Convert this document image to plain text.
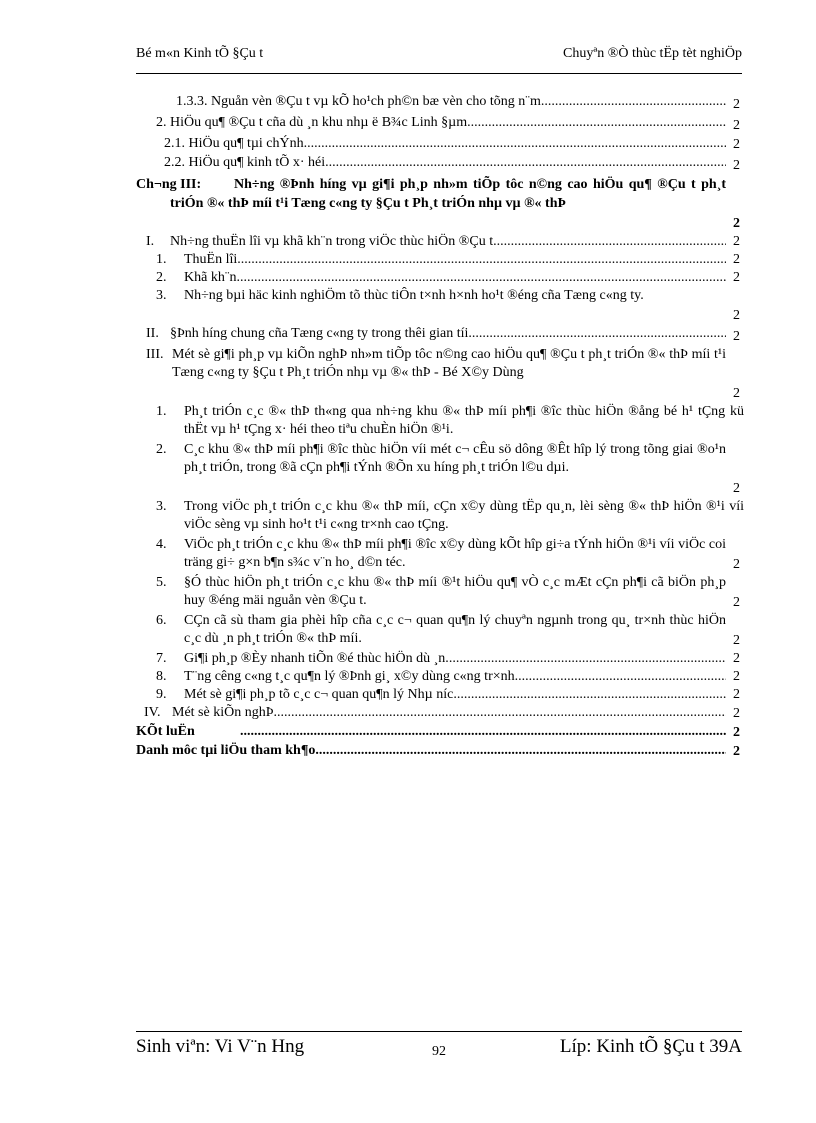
Bé m«n Kinh tÕ §Çu t	Chuyªn ®Ò thùc tËp tèt nghiÖp
1.3.3. Nguån vèn ®Çu t vµ kÕ ho¹ch ph©n bæ vèn cho tõng n¨m. .....	2
2. HiÖu qu¶ ®Çu t cña dù ¸n khu nhµ ë B¾c Linh §µm. .....	2
2.1. HiÖu qu¶ tµi chÝnh. .....	2
2.2. HiÖu qu¶ kinh tÕ x· héi. .....	2
Ch¬ng III:	Nh÷ng ®Þnh híng vµ gi¶i ph¸p nh»m tiÕp tôc n©ng cao hiÖu qu¶ ®Çu t ph¸t triÓn ®« thÞ míi t¹i Tæng c«ng ty §Çu t Ph¸t triÓn nhµ vµ ®« thÞ
2
I. Nh÷ng thuËn lîi vµ khã kh¨n trong viÖc thùc hiÖn ®Çu t .....	2
1. ThuËn lîi. .....	2
2. Khã kh¨n. .....	2
3. Nh÷ng bµi häc kinh nghiÖm tõ thùc tiÔn t×nh h×nh ho¹t ®éng cña Tæng c«ng ty.
2
II. §Þnh híng chung cña Tæng c«ng ty trong thêi gian tíi. .....	2
III. Mét sè gi¶i ph¸p vµ kiÕn nghÞ nh»m tiÕp tôc n©ng cao hiÖu qu¶ ®Çu t ph¸t triÓn ®« thÞ míi t¹i Tæng c«ng ty §Çu t Ph¸t triÓn nhµ vµ ®« thÞ - Bé X©y Dùng
2
1. Ph¸t triÓn c¸c ®« thÞ th«ng qua nh÷ng khu ®« thÞ míi ph¶i ®îc thùc hiÖn ®ång bé h¹ tÇng kü thËt vµ h¹ tÇng x· héi theo tiªu chuÈn hiÖn ®¹i.
2. C¸c khu ®« thÞ míi ph¶i ®îc thùc hiÖn víi mét c¬ cÊu sö dông ®Êt hîp lý trong tõng giai ®o¹n ph¸t triÓn, trong ®ã cÇn ph¶i tÝnh ®Õn xu híng ph¸t triÓn l©u dµi.
2
3. Trong viÖc ph¸t triÓn c¸c khu ®« thÞ míi, cÇn x©y dùng tËp qu¸n, lèi sèng ®« thÞ hiÖn ®¹i víi viÖc sèng vµ sinh ho¹t t¹i c«ng tr×nh cao tÇng.
4. ViÖc ph¸t triÓn c¸c khu ®« thÞ míi ph¶i ®îc x©y dùng kÕt hîp gi÷a tÝnh hiÖn ®¹i víi viÖc coi träng gi÷ g×n b¶n s¾c v¨n ho¸ d©n téc.	2
5. §Ó thùc hiÖn ph¸t triÓn c¸c khu ®« thÞ míi ®¹t hiÖu qu¶ vÒ c¸c mÆt cÇn ph¶i cã biÖn ph¸p huy ®éng mäi nguån vèn ®Çu t.	2
6. CÇn cã sù tham gia phèi hîp cña c¸c c¬ quan qu¶n lý chuyªn ngµnh trong qu¸ tr×nh thùc hiÖn c¸c dù ¸n ph¸t triÓn ®« thÞ míi.	2
7. Gi¶i ph¸p ®Èy nhanh tiÕn ®é thùc hiÖn dù ¸n. .....	2
8. T¨ng cêng c«ng t¸c qu¶n lý ®Þnh gi¸ x©y dùng c«ng tr×nh. .....	2
9. Mét sè gi¶i ph¸p tõ c¸c c¬ quan qu¶n lý Nhµ níc. .....	2
IV. Mét sè kiÕn nghÞ .....	2
KÕt luËn .....	2
Danh môc tµi liÖu tham kh¶o. .....	2
Sinh viªn: Vi V¨n Hng	92	Líp: Kinh tÕ §Çu t 39A
